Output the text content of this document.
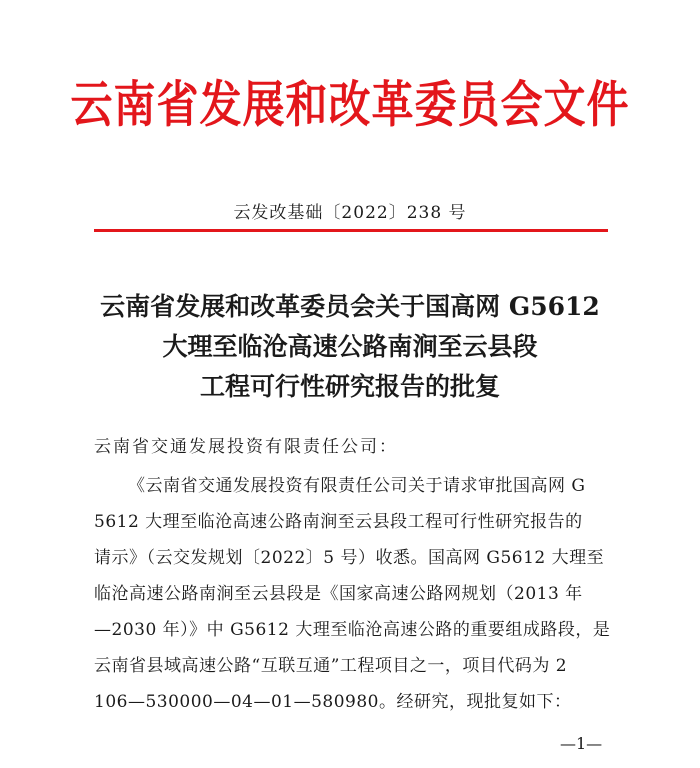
云南省发展和改革委员会文件
云发改基础〔2022〕238 号
云南省发展和改革委员会关于国高网 G5612
大理至临沧高速公路南涧至云县段
工程可行性研究报告的批复
云南省交通发展投资有限责任公司：
《云南省交通发展投资有限责任公司关于请求审批国高网 G
5612 大理至临沧高速公路南涧至云县段工程可行性研究报告的
请示》（云交发规划〔2022〕5 号）收悉。国高网 G5612 大理至
临沧高速公路南涧至云县段是《国家高速公路网规划（2013 年
—2030 年）》中 G5612 大理至临沧高速公路的重要组成路段，是
云南省县域高速公路“互联互通”工程项目之一，项目代码为 2
106—530000—04—01—580980。经研究，现批复如下：
—1—
